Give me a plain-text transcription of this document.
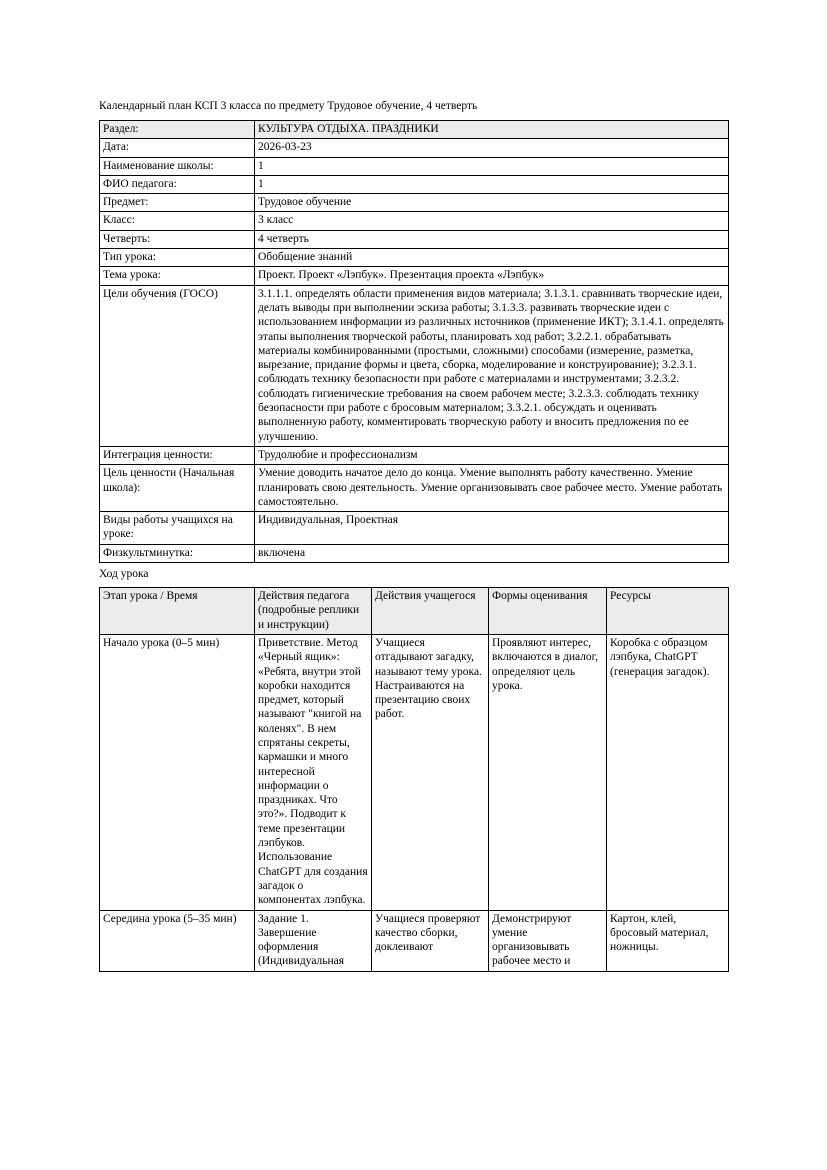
Календарный план КСП 3 класса по предмету Трудовое обучение, 4 четверть
Раздел:	КУЛЬТУРА ОТДЫХА. ПРАЗДНИКИ
Дата:	2026-03-23
Наименование школы:	1
ФИО педагога:	1
Предмет:	Трудовое обучение
Класс:	3 класс
Четверть:	4 четверть
Тип урока:	Обобщение знаний
Тема урока:	Проект. Проект «Лэпбук». Презентация проекта «Лэпбук»
Цели обучения (ГОСО)	3.1.1.1. определять области применения видов материала; 3.1.3.1. сравнивать творческие идеи, делать выводы при выполнении эскиза работы; 3.1.3.3. развивать творческие идеи с использованием информации из различных источников (применение ИКТ); 3.1.4.1. определять этапы выполнения творческой работы, планировать ход работ; 3.2.2.1. обрабатывать материалы комбинированными (простыми, сложными) способами (измерение, разметка, вырезание, придание формы и цвета, сборка, моделирование и конструирование); 3.2.3.1. соблюдать технику безопасности при работе с материалами и инструментами; 3.2.3.2. соблюдать гигиенические требования на своем рабочем месте; 3.2.3.3. соблюдать технику безопасности при работе с бросовым материалом; 3.3.2.1. обсуждать и оценивать выполненную работу, комментировать творческую работу и вносить предложения по ее улучшению.
Интеграция ценности:	Трудолюбие и профессионализм
Цель ценности (Начальная школа):	Умение доводить начатое дело до конца. Умение выполнять работу качественно. Умение планировать свою деятельность. Умение организовывать свое рабочее место. Умение работать самостоятельно.
Виды работы учащихся на уроке:	Индивидуальная, Проектная
Физкультминутка:	включена
Ход урока
Этап урока / Время	Действия педагога (подробные реплики и инструкции)	Действия учащегося	Формы оценивания	Ресурсы
Начало урока (0–5 мин)	Приветствие. Метод «Черный ящик»: «Ребята, внутри этой коробки находится предмет, который называют "книгой на коленях". В нем спрятаны секреты, кармашки и много интересной информации о праздниках. Что это?». Подводит к теме презентации лэпбуков. Использование ChatGPT для создания загадок о компонентах лэпбука.	Учащиеся отгадывают загадку, называют тему урока. Настраиваются на презентацию своих работ.	Проявляют интерес, включаются в диалог, определяют цель урока.	Коробка с образцом лэпбука, ChatGPT (генерация загадок).
Середина урока (5–35 мин)	Задание 1. Завершение оформления (Индивидуальная	Учащиеся проверяют качество сборки, доклеивают	Демонстрируют умение организовывать рабочее место и	Картон, клей, бросовый материал, ножницы.
